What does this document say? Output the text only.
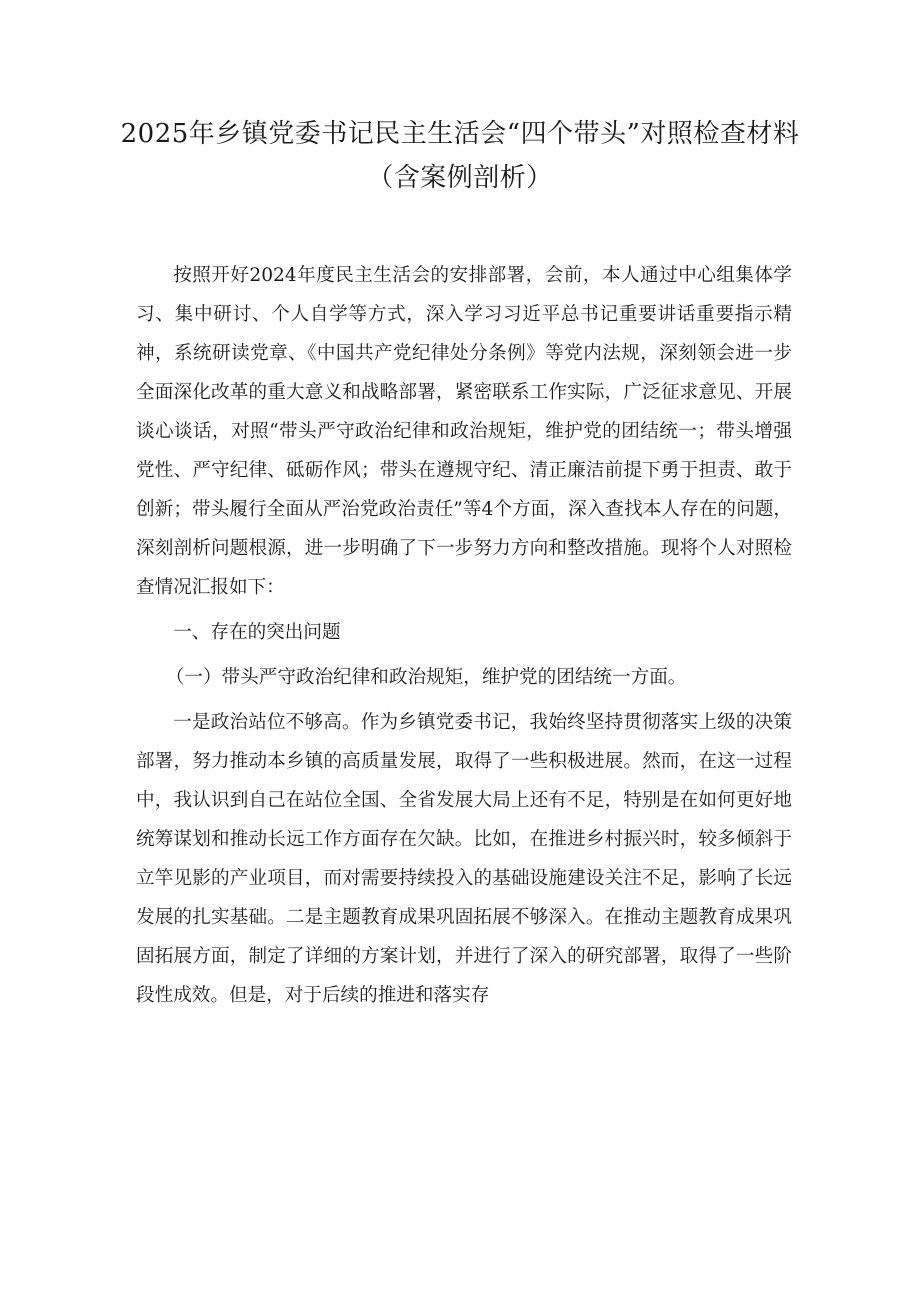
2025年乡镇党委书记民主生活会“四个带头”对照检查材料（含案例剖析）

按照开好2024年度民主生活会的安排部署，会前，本人通过中心组集体学习、集中研讨、个人自学等方式，深入学习习近平总书记重要讲话重要指示精神，系统研读党章、《中国共产党纪律处分条例》等党内法规，深刻领会进一步全面深化改革的重大意义和战略部署，紧密联系工作实际，广泛征求意见、开展谈心谈话，对照“带头严守政治纪律和政治规矩，维护党的团结统一；带头增强党性、严守纪律、砥砺作风；带头在遵规守纪、清正廉洁前提下勇于担责、敢于创新；带头履行全面从严治党政治责任”等4个方面，深入查找本人存在的问题，深刻剖析问题根源，进一步明确了下一步努力方向和整改措施。现将个人对照检查情况汇报如下：

一、存在的突出问题

（一）带头严守政治纪律和政治规矩，维护党的团结统一方面。

一是政治站位不够高。作为乡镇党委书记，我始终坚持贯彻落实上级的决策部署，努力推动本乡镇的高质量发展，取得了一些积极进展。然而，在这一过程中，我认识到自己在站位全国、全省发展大局上还有不足，特别是在如何更好地统筹谋划和推动长远工作方面存在欠缺。比如，在推进乡村振兴时，较多倾斜于立竿见影的产业项目，而对需要持续投入的基础设施建设关注不足，影响了长远发展的扎实基础。二是主题教育成果巩固拓展不够深入。在推动主题教育成果巩固拓展方面，制定了详细的方案计划，并进行了深入的研究部署，取得了一些阶段性成效。但是，对于后续的推进和落实存
